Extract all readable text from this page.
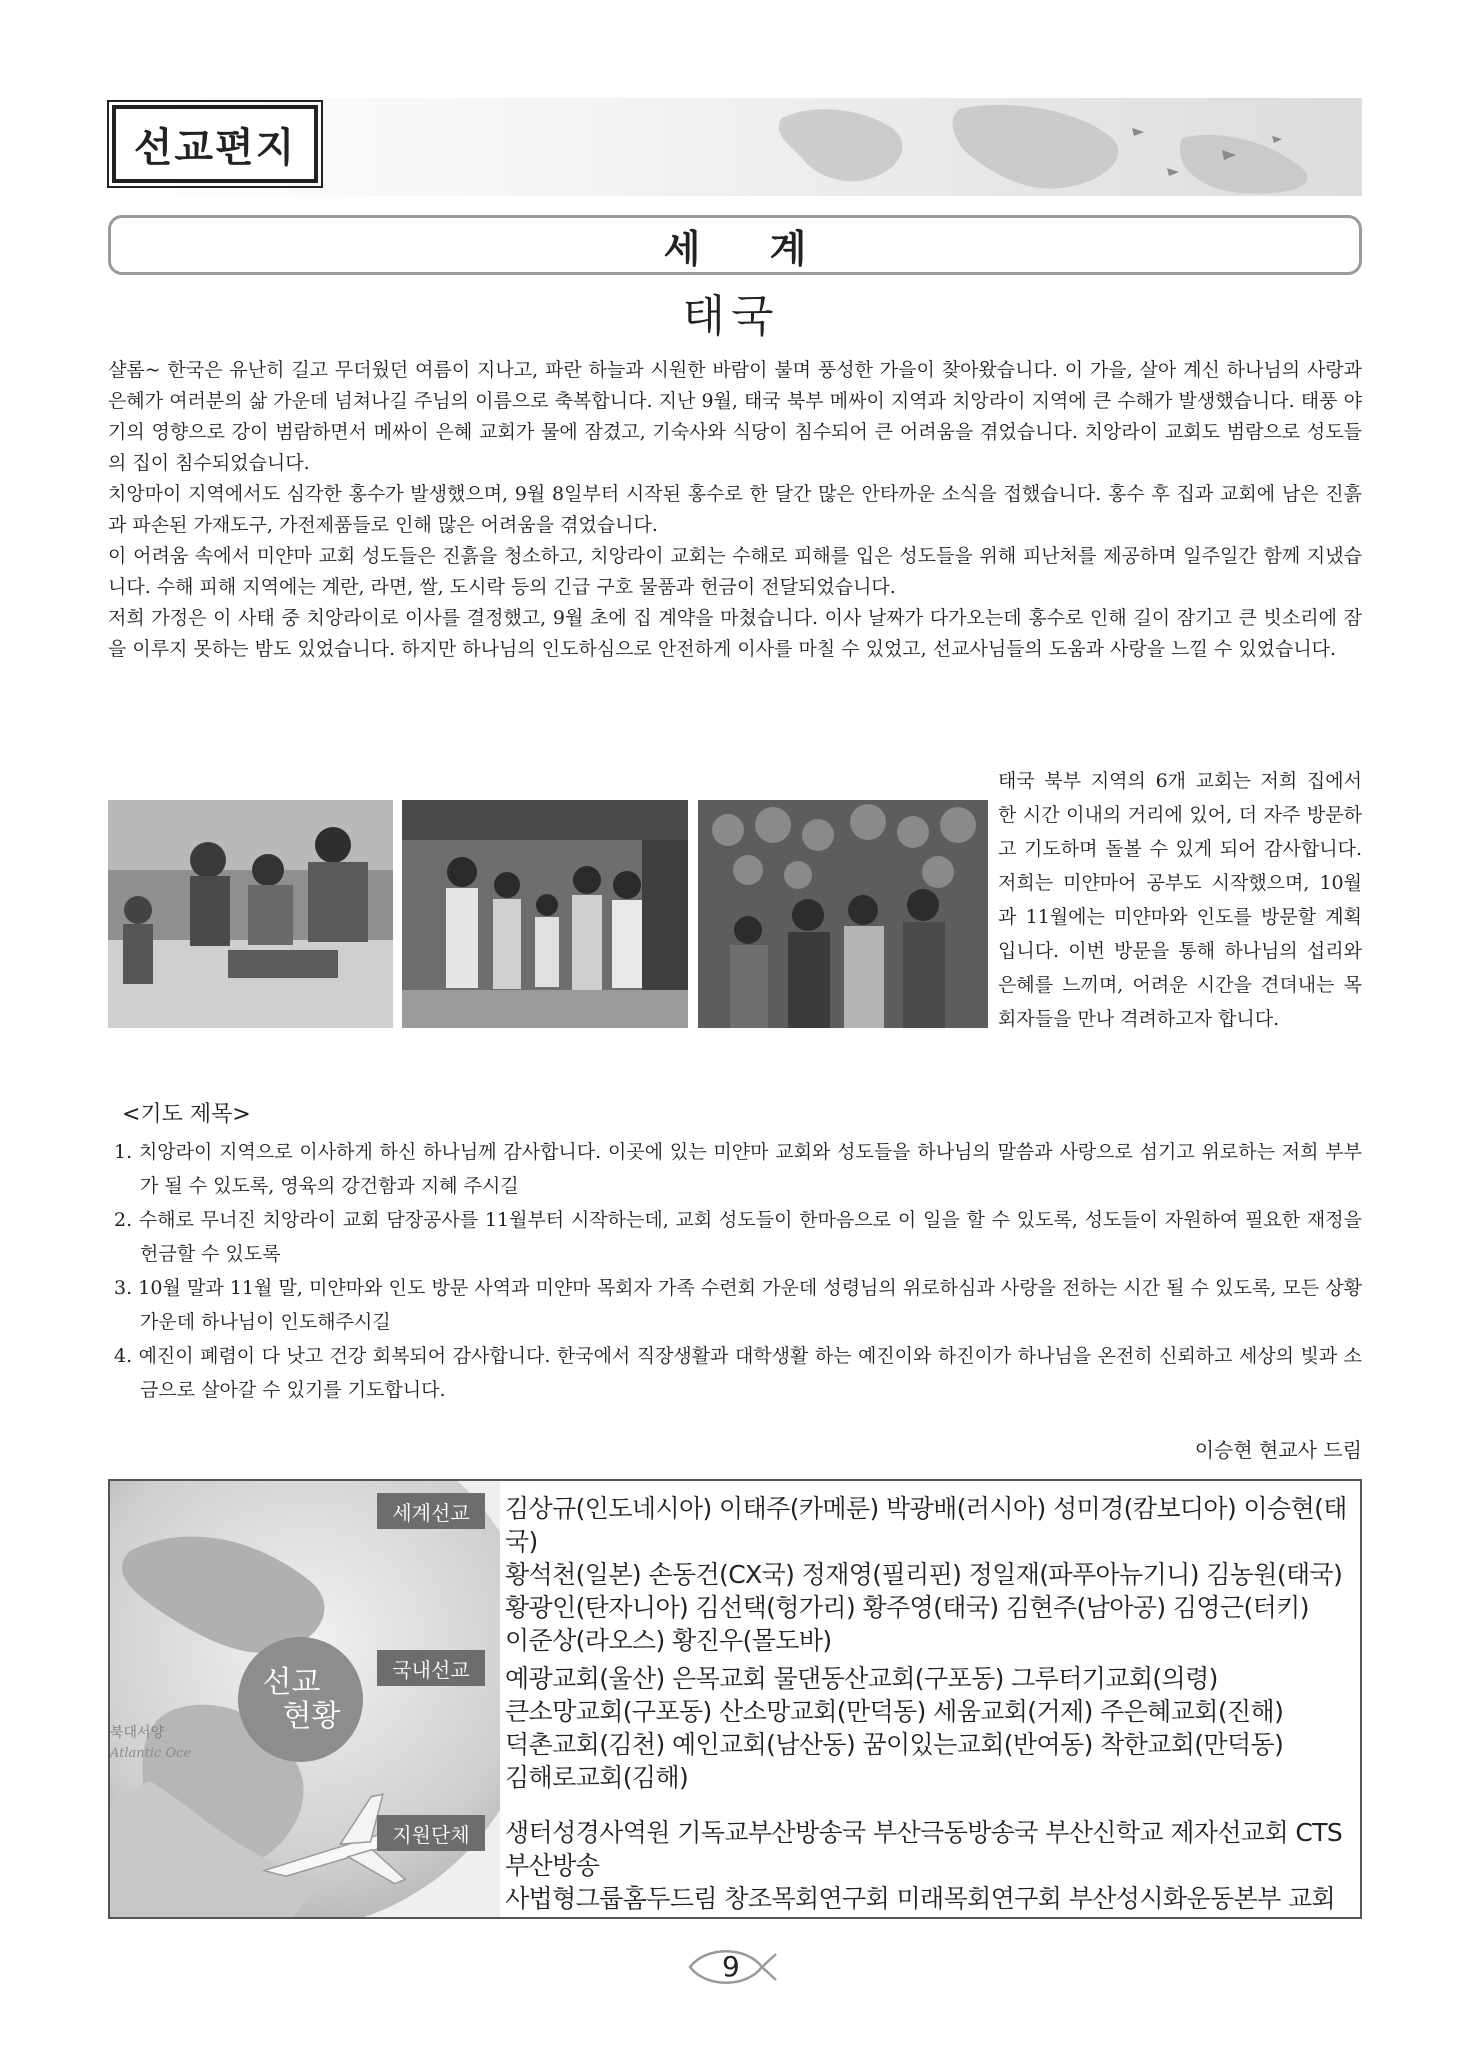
선교편지
세 계
태국

샬롬~ 한국은 유난히 길고 무더웠던 여름이 지나고, 파란 하늘과 시원한 바람이 불며 풍성한 가을이 찾아왔습니다. 이 가을, 살아 계신 하나님의 사랑과 은혜가 여러분의 삶 가운데 넘쳐나길 주님의 이름으로 축복합니다. 지난 9월, 태국 북부 메싸이 지역과 치앙라이 지역에 큰 수해가 발생했습니다. 태풍 야기의 영향으로 강이 범람하면서 메싸이 은혜 교회가 물에 잠겼고, 기숙사와 식당이 침수되어 큰 어려움을 겪었습니다. 치앙라이 교회도 범람으로 성도들의 집이 침수되었습니다.

치앙마이 지역에서도 심각한 홍수가 발생했으며, 9월 8일부터 시작된 홍수로 한 달간 많은 안타까운 소식을 접했습니다. 홍수 후 집과 교회에 남은 진흙과 파손된 가재도구, 가전제품들로 인해 많은 어려움을 겪었습니다.

이 어려움 속에서 미얀마 교회 성도들은 진흙을 청소하고, 치앙라이 교회는 수해로 피해를 입은 성도들을 위해 피난처를 제공하며 일주일간 함께 지냈습니다. 수해 피해 지역에는 계란, 라면, 쌀, 도시락 등의 긴급 구호 물품과 헌금이 전달되었습니다.

저희 가정은 이 사태 중 치앙라이로 이사를 결정했고, 9월 초에 집 계약을 마쳤습니다. 이사 날짜가 다가오는데 홍수로 인해 길이 잠기고 큰 빗소리에 잠을 이루지 못하는 밤도 있었습니다. 하지만 하나님의 인도하심으로 안전하게 이사를 마칠 수 있었고, 선교사님들의 도움과 사랑을 느낄 수 있었습니다.

태국 북부 지역의 6개 교회는 저희 집에서 한 시간 이내의 거리에 있어, 더 자주 방문하고 기도하며 돌볼 수 있게 되어 감사합니다. 저희는 미얀마어 공부도 시작했으며, 10월과 11월에는 미얀마와 인도를 방문할 계획입니다. 이번 방문을 통해 하나님의 섭리와 은혜를 느끼며, 어려운 시간을 견뎌내는 목회자들을 만나 격려하고자 합니다.
<기도 제목>
1. 치앙라이 지역으로 이사하게 하신 하나님께 감사합니다. 이곳에 있는 미얀마 교회와 성도들을 하나님의 말씀과 사랑으로 섬기고 위로하는 저희 부부가 될 수 있도록, 영육의 강건함과 지혜 주시길
2. 수해로 무너진 치앙라이 교회 담장공사를 11월부터 시작하는데, 교회 성도들이 한마음으로 이 일을 할 수 있도록, 성도들이 자원하여 필요한 재정을 헌금할 수 있도록
3. 10월 말과 11월 말, 미얀마와 인도 방문 사역과 미얀마 목회자 가족 수련회 가운데 성령님의 위로하심과 사랑을 전하는 시간 될 수 있도록, 모든 상황 가운데 하나님이 인도해주시길
4. 예진이 폐렴이 다 낫고 건강 회복되어 감사합니다. 한국에서 직장생활과 대학생활 하는 예진이와 하진이가 하나님을 온전히 신뢰하고 세상의 빛과 소금으로 살아갈 수 있기를 기도합니다.
이승현 현교사 드림
북대서양
Atlantic Oce
선교
현황
세계선교	김상규(인도네시아) 이태주(카메룬) 박광배(러시아) 성미경(캄보디아) 이승현(태국)
황석천(일본) 손동건(CX국) 정재영(필리핀) 정일재(파푸아뉴기니) 김농원(태국)
황광인(탄자니아) 김선택(헝가리) 황주영(태국) 김현주(남아공) 김영근(터키)
이준상(라오스) 황진우(몰도바)
국내선교	예광교회(울산) 은목교회 물댄동산교회(구포동) 그루터기교회(의령)
큰소망교회(구포동) 산소망교회(만덕동) 세움교회(거제) 주은혜교회(진해)
덕촌교회(김천) 예인교회(남산동) 꿈이있는교회(반여동) 착한교회(만덕동)
김해로교회(김해)
지원단체	생터성경사역원 기독교부산방송국 부산극동방송국 부산신학교 제자선교회 CTS부산방송
사법형그룹홈두드림 창조목회연구회 미래목회연구회 부산성시화운동본부 교회
9
